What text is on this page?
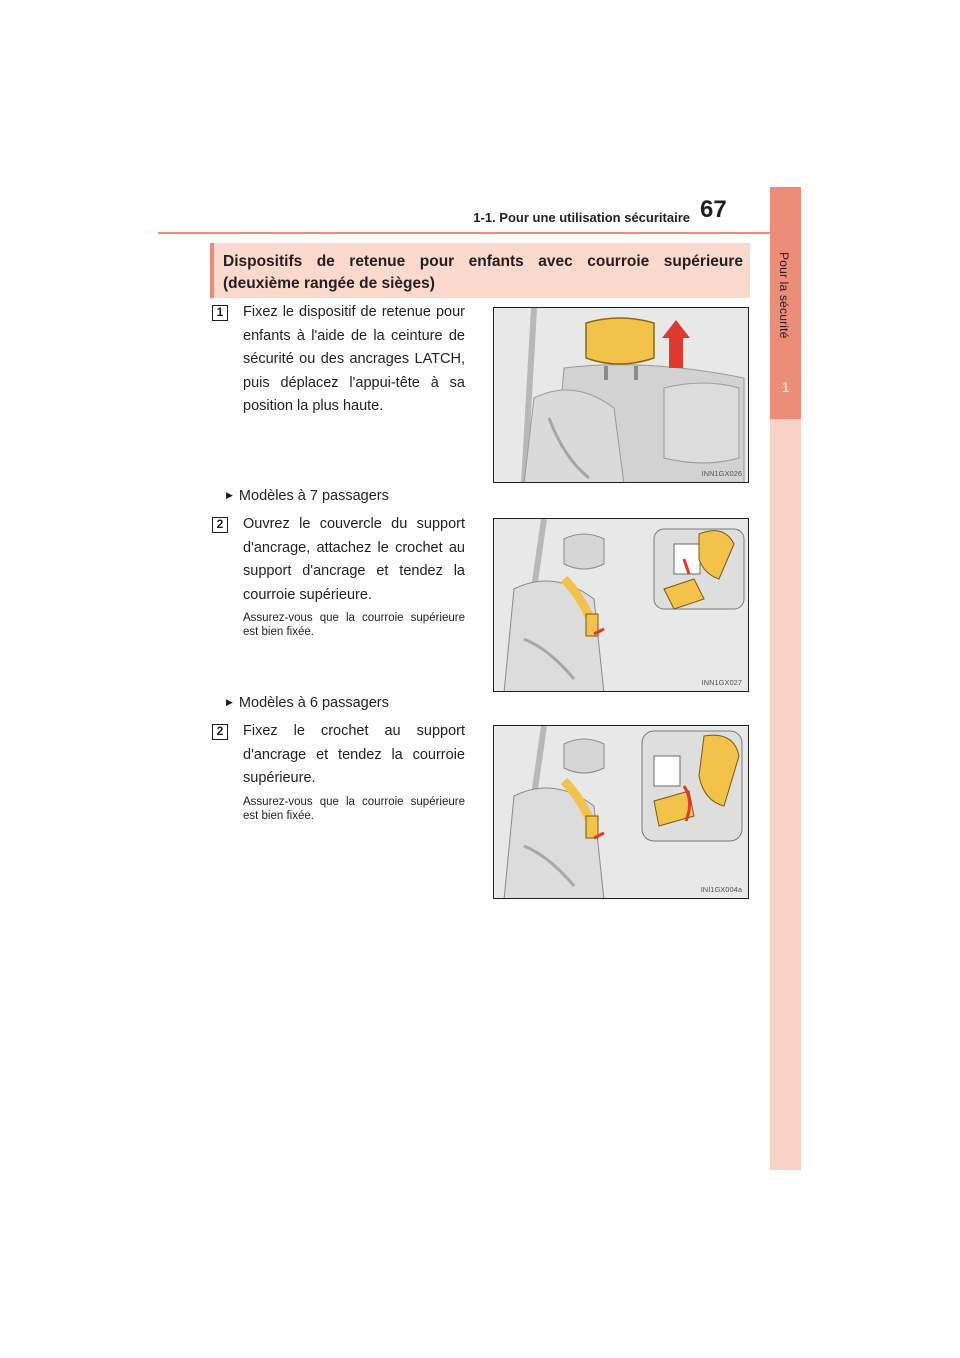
1
Pour la sécurité
1-1. Pour une utilisation sécuritaire 67
Dispositifs de retenue pour enfants avec courroie supérieure (deuxième rangée de sièges)
1	Fixez le dispositif de retenue pour enfants à l'aide de la ceinture de sécurité ou des ancrages LATCH, puis déplacez l'appui-tête à sa position la plus haute.
INN1GX026
▶ Modèles à 7 passagers
2	Ouvrez le couvercle du support d'ancrage, attachez le crochet au support d'ancrage et tendez la courroie supérieure.
Assurez-vous que la courroie supérieure est bien fixée.
INN1GX027
▶ Modèles à 6 passagers
2	Fixez le crochet au support d'ancrage et tendez la courroie supérieure.
Assurez-vous que la courroie supérieure est bien fixée.
INI1GX004a
